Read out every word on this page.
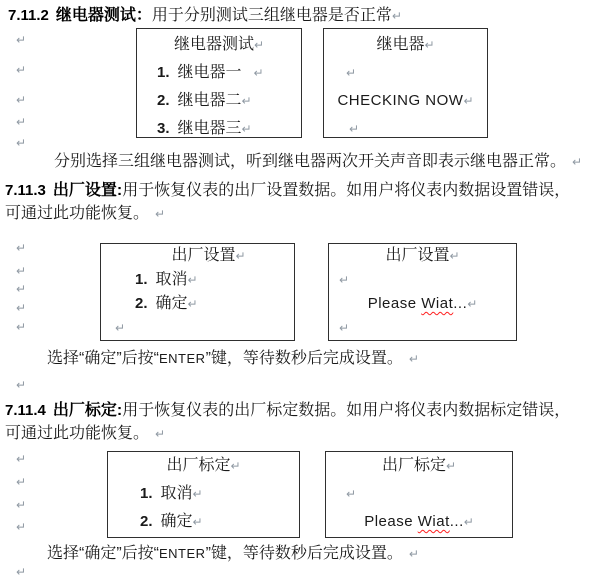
7.11.2 继电器测试：用于分别测试三组继电器是否正常↵
↵
↵
↵
↵
↵
继电器测试↵
1. 继电器一 ↵
2. 继电器二↵
3. 继电器三↵
继电器↵
↵
CHECKING NOW↵
↵
分别选择三组继电器测试，听到继电器两次开关声音即表示继电器正常。 ↵
7.11.3 出厂设置:用于恢复仪表的出厂设置数据。如用户将仪表内数据设置错误，
可通过此功能恢复。 ↵
↵
↵
↵
↵
↵
出厂设置↵
1. 取消↵
2. 确定↵
↵
出厂设置↵
↵
Please Wiat...↵
↵
选择“确定”后按“ENTER”键，等待数秒后完成设置。 ↵
↵
7.11.4 出厂标定:用于恢复仪表的出厂标定数据。如用户将仪表内数据标定错误，
可通过此功能恢复。 ↵
↵
↵
↵
↵
出厂标定↵
1. 取消↵
2. 确定↵
出厂标定↵
↵
Please Wiat...↵
选择“确定”后按“ENTER”键，等待数秒后完成设置。 ↵
↵
